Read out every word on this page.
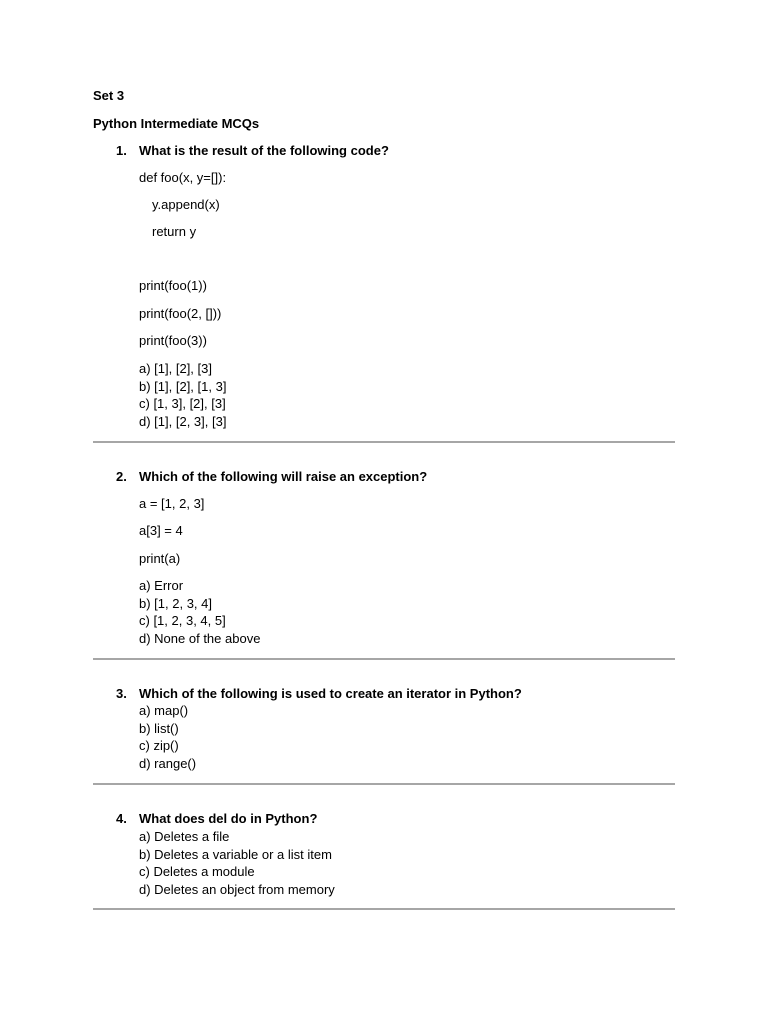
Set 3
Python Intermediate MCQs
1. What is the result of the following code?
def foo(x, y=[]):
y.append(x)
return y
print(foo(1))
print(foo(2, []))
print(foo(3))
a) [1], [2], [3]
b) [1], [2], [1, 3]
c) [1, 3], [2], [3]
d) [1], [2, 3], [3]
2. Which of the following will raise an exception?
a = [1, 2, 3]
a[3] = 4
print(a)
a) Error
b) [1, 2, 3, 4]
c) [1, 2, 3, 4, 5]
d) None of the above
3. Which of the following is used to create an iterator in Python?
a) map()
b) list()
c) zip()
d) range()
4. What does del do in Python?
a) Deletes a file
b) Deletes a variable or a list item
c) Deletes a module
d) Deletes an object from memory
